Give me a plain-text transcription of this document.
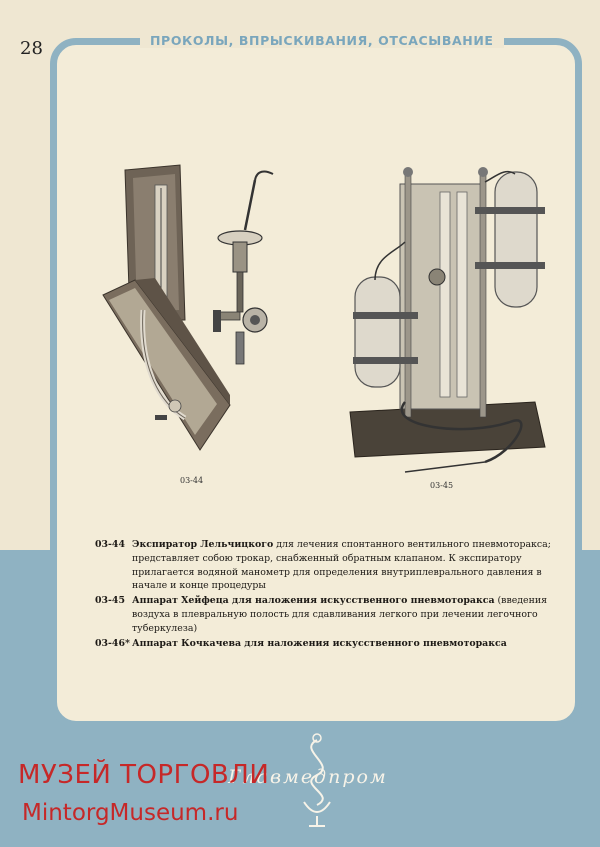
28	ПРОКОЛЫ, ВПРЫСКИВАНИЯ, ОТСАСЫВАНИЕ
03-44
03-45
03-44 Экспиратор Лельчицкого для лечения спонтанного вентильного пневмоторакса; представляет собою трокар, снабженный обратным клапаном. К экспиратору прилагается водяной манометр для определения внутриплеврального давления в начале и конце процедуры
03-45 Аппарат Хейфеца для наложения искусственного пневмоторакса (введения воздуха в плевральную полость для сдавливания легкого при лечении легочного туберкулеза)
03-46* Аппарат Кочкачева для наложения искусственного пневмоторакса
Главмедпром
МУЗЕЙ ТОРГОВЛИ
MintorgMuseum.ru
